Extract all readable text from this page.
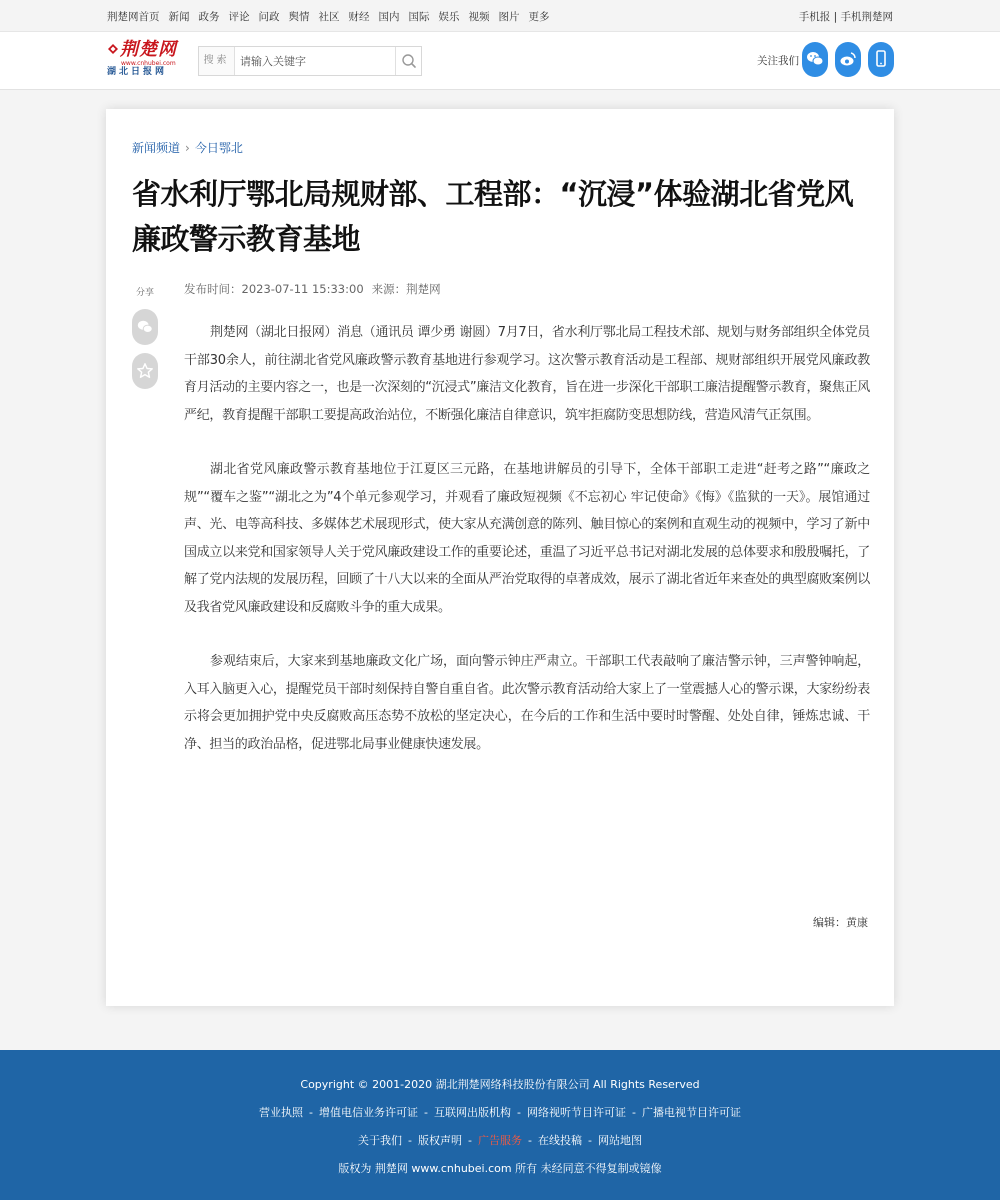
荆楚网首页 新闻 政务 评论 问政 舆情 社区 财经 国内 国际 娱乐 视频 图片 更多	手机报 | 手机荆楚网
荆楚网
www.cnhubei.com
湖北日报网
搜索
请输入关键字	关注我们
新闻频道 › 今日鄂北
省水利厅鄂北局规财部、工程部：“沉浸”体验湖北省党风廉政警示教育基地
分享	发布时间：2023-07-11 15:33:00 来源：荆楚网

荆楚网（湖北日报网）消息（通讯员 谭少勇 谢圆）7月7日，省水利厅鄂北局工程技术部、规划与财务部组织全体党员干部30余人，前往湖北省党风廉政警示教育基地进行参观学习。这次警示教育活动是工程部、规财部组织开展党风廉政教育月活动的主要内容之一，也是一次深刻的“沉浸式”廉洁文化教育，旨在进一步深化干部职工廉洁提醒警示教育，聚焦正风严纪，教育提醒干部职工要提高政治站位，不断强化廉洁自律意识，筑牢拒腐防变思想防线，营造风清气正氛围。

湖北省党风廉政警示教育基地位于江夏区三元路，在基地讲解员的引导下，全体干部职工走进“赶考之路”“廉政之规”“覆车之鉴”“湖北之为”4个单元参观学习，并观看了廉政短视频《不忘初心 牢记使命》《悔》《监狱的一天》。展馆通过声、光、电等高科技、多媒体艺术展现形式，使大家从充满创意的陈列、触目惊心的案例和直观生动的视频中，学习了新中国成立以来党和国家领导人关于党风廉政建设工作的重要论述，重温了习近平总书记对湖北发展的总体要求和殷殷嘱托，了解了党内法规的发展历程，回顾了十八大以来的全面从严治党取得的卓著成效，展示了湖北省近年来查处的典型腐败案例以及我省党风廉政建设和反腐败斗争的重大成果。

参观结束后，大家来到基地廉政文化广场，面向警示钟庄严肃立。干部职工代表敲响了廉洁警示钟，三声警钟响起，入耳入脑更入心，提醒党员干部时刻保持自警自重自省。此次警示教育活动给大家上了一堂震撼人心的警示课，大家纷纷表示将会更加拥护党中央反腐败高压态势不放松的坚定决心，在今后的工作和生活中要时时警醒、处处自律，锤炼忠诚、干净、担当的政治品格，促进鄂北局事业健康快速发展。

编辑：黄康
Copyright © 2001-2020 湖北荆楚网络科技股份有限公司 All Rights Reserved
营业执照 - 增值电信业务许可证 - 互联网出版机构 - 网络视听节目许可证 - 广播电视节目许可证
关于我们 - 版权声明 - 广告服务 - 在线投稿 - 网站地图
版权为 荆楚网 www.cnhubei.com 所有 未经同意不得复制或镜像
